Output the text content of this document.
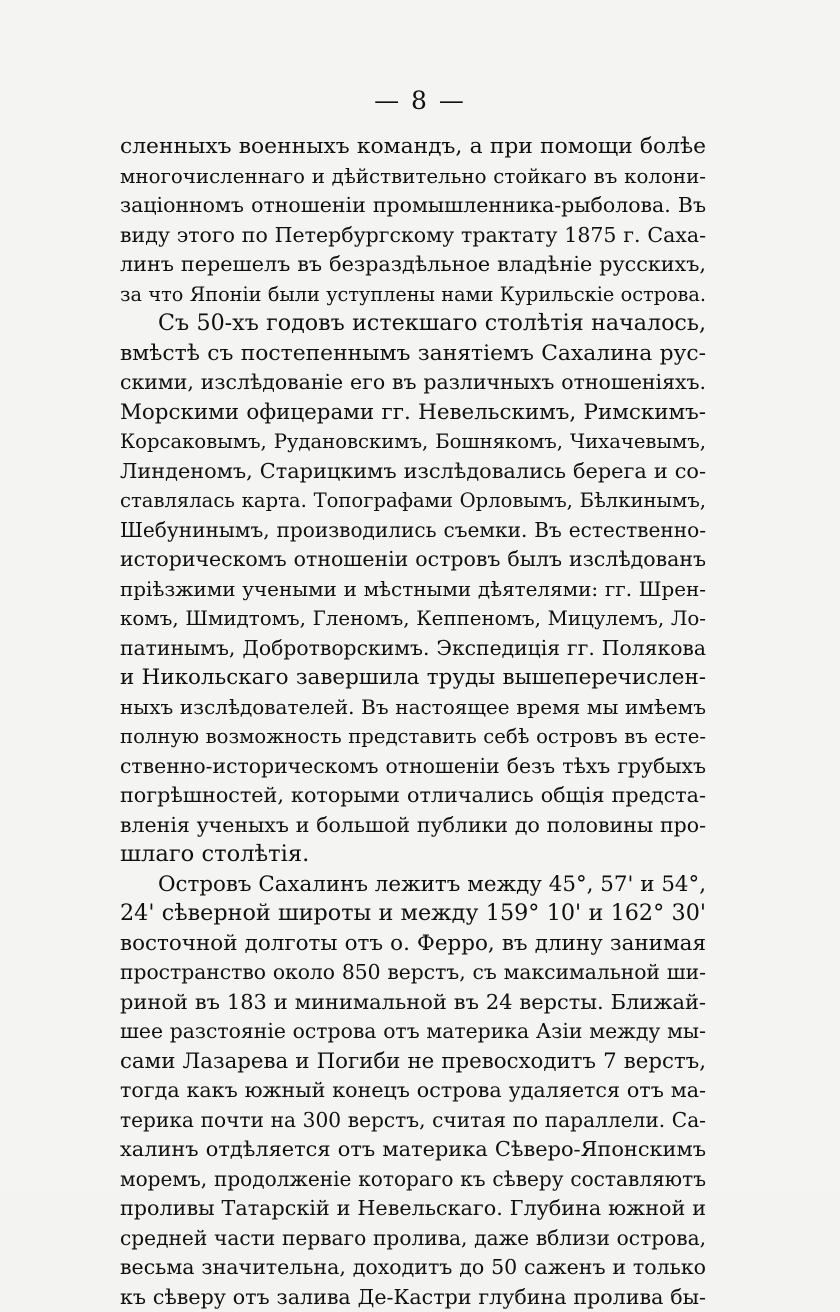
— 8 —
сленныхъ военныхъ командъ, а при помощи болѣе
многочисленнаго и дѣйствительно стойкаго въ колони-
заціонномъ отношеніи промышленника-рыболова. Въ
виду этого по Петербургскому трактату 1875 г. Саха-
линъ перешелъ въ безраздѣльное владѣніе русскихъ,
за что Японіи были уступлены нами Курильскіе острова.
Съ 50-хъ годовъ истекшаго столѣтія началось,
вмѣстѣ съ постепеннымъ занятіемъ Сахалина рус-
скими, изслѣдованіе его въ различныхъ отношеніяхъ.
Морскими офицерами гг. Невельскимъ, Римскимъ-
Корсаковымъ, Рудановскимъ, Бошнякомъ, Чихачевымъ,
Линденомъ, Старицкимъ изслѣдовались берега и со-
ставлялась карта. Топографами Орловымъ, Бѣлкинымъ,
Шебунинымъ, производились съемки. Въ естественно-
историческомъ отношеніи островъ былъ изслѣдованъ
пріѣзжими учеными и мѣстными дѣятелями: гг. Шрен-
комъ, Шмидтомъ, Гленомъ, Кеппеномъ, Мицулемъ, Ло-
патинымъ, Добротворскимъ. Экспедиція гг. Полякова
и Никольскаго завершила труды вышеперечислен-
ныхъ изслѣдователей. Въ настоящее время мы имѣемъ
полную возможность представить себѣ островъ въ есте-
ственно-историческомъ отношеніи безъ тѣхъ грубыхъ
погрѣшностей, которыми отличались общія предста-
вленія ученыхъ и большой публики до половины про-
шлаго столѣтія.
Островъ Сахалинъ лежитъ между 45°, 57' и 54°,
24' сѣверной широты и между 159° 10' и 162° 30'
восточной долготы отъ о. Ферро, въ длину занимая
пространство около 850 верстъ, съ максимальной ши-
риной въ 183 и минимальной въ 24 версты. Ближай-
шее разстояніе острова отъ материка Азіи между мы-
сами Лазарева и Погиби не превосходитъ 7 верстъ,
тогда какъ южный конецъ острова удаляется отъ ма-
терика почти на 300 верстъ, считая по параллели. Са-
халинъ отдѣляется отъ материка Сѣверо-Японскимъ
моремъ, продолженіе котораго къ сѣверу составляютъ
проливы Татарскій и Невельскаго. Глубина южной и
средней части перваго пролива, даже вблизи острова,
весьма значительна, доходитъ до 50 саженъ и только
къ сѣверу отъ залива Де-Кастри глубина пролива бы-
